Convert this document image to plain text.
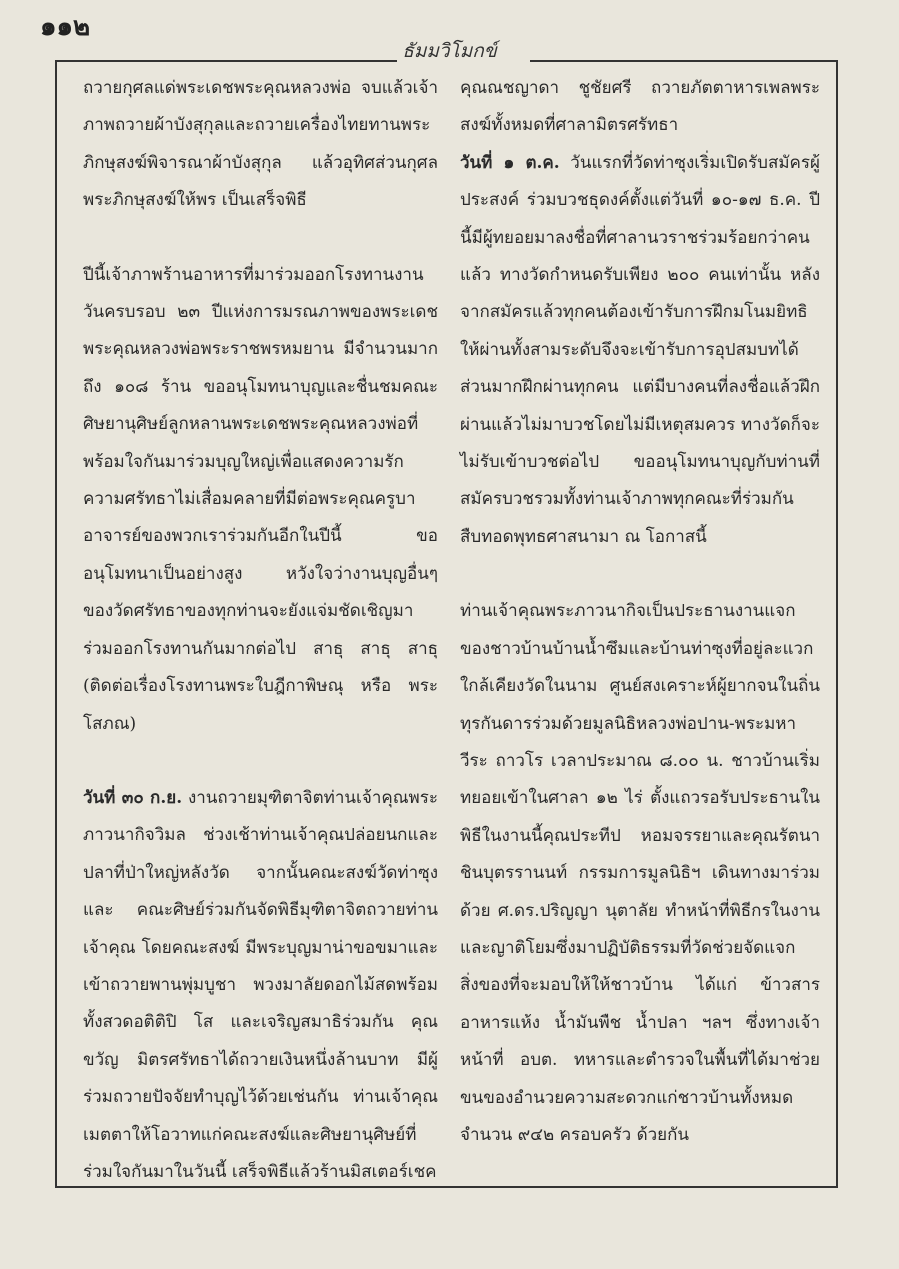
๑๑๒
ธัมมวิโมกข์

ถวายกุศลแด่พระเดชพระคุณหลวงพ่อ จบแล้วเจ้าภาพถวายผ้าบังสุกุลและถวายเครื่องไทยทานพระภิกษุสงฆ์พิจารณาผ้าบังสุกุล แล้วอุทิศส่วนกุศลพระภิกษุสงฆ์ให้พร เป็นเสร็จพิธี

ปีนี้เจ้าภาพร้านอาหารที่มาร่วมออกโรงทานงานวันครบรอบ ๒๓ ปีแห่งการมรณภาพของพระเดชพระคุณหลวงพ่อพระราชพรหมยาน มีจำนวนมากถึง ๑๐๘ ร้าน ขออนุโมทนาบุญและชื่นชมคณะศิษยานุศิษย์ลูกหลานพระเดชพระคุณหลวงพ่อที่พร้อมใจกันมาร่วมบุญใหญ่เพื่อแสดงความรักความศรัทธาไม่เสื่อมคลายที่มีต่อพระคุณครูบาอาจารย์ของพวกเราร่วมกันอีกในปีนี้ ขออนุโมทนาเป็นอย่างสูง หวังใจว่างานบุญอื่นๆ ของวัดศรัทธาของทุกท่านจะยังแจ่มชัดเชิญมาร่วมออกโรงทานกันมากต่อไป สาธุ สาธุ สาธุ (ติดต่อเรื่องโรงทานพระใบฎีกาพิษณุ หรือ พระโสภณ)

วันที่ ๓๐ ก.ย. งานถวายมุฑิตาจิตท่านเจ้าคุณพระภาวนากิจวิมล ช่วงเช้าท่านเจ้าคุณปล่อยนกและปลาที่ป่าใหญ่หลังวัด จากนั้นคณะสงฆ์วัดท่าซุงและ คณะศิษย์ร่วมกันจัดพิธีมุฑิตาจิตถวายท่านเจ้าคุณ โดยคณะสงฆ์ มีพระบุญมาน่าขอขมาและเข้าถวายพานพุ่มบูชา พวงมาลัยดอกไม้สดพร้อมทั้งสวดอติติปิ โส และเจริญสมาธิร่วมกัน คุณขวัญ มิตรศรัทธาได้ถวายเงินหนึ่งล้านบาท มีผู้ร่วมถวายปัจจัยทำบุญไว้ด้วยเช่นกัน ท่านเจ้าคุณเมตตาให้โอวาทแก่คณะสงฆ์และศิษยานุศิษย์ที่ร่วมใจกันมาในวันนี้ เสร็จพิธีแล้วร้านมิสเตอร์เชค

คุณณชญาดา ชูชัยศรี ถวายภัตตาหารเพลพระสงฆ์ทั้งหมดที่ศาลามิตรศรัทธา

วันที่ ๑ ต.ค. วันแรกที่วัดท่าซุงเริ่มเปิดรับสมัครผู้ประสงค์ ร่วมบวชธุดงค์ตั้งแต่วันที่ ๑๐-๑๗ ธ.ค. ปีนี้มีผู้ทยอยมาลงชื่อที่ศาลานวราชร่วมร้อยกว่าคนแล้ว ทางวัดกำหนดรับเพียง ๒๐๐ คนเท่านั้น หลังจากสมัครแล้วทุกคนต้องเข้ารับการฝึกมโนมยิทธิให้ผ่านทั้งสามระดับจึงจะเข้ารับการอุปสมบทได้ ส่วนมากฝึกผ่านทุกคน แต่มีบางคนที่ลงชื่อแล้วฝึกผ่านแล้วไม่มาบวชโดยไม่มีเหตุสมควร ทางวัดก็จะไม่รับเข้าบวชต่อไป ขออนุโมทนาบุญกับท่านที่สมัครบวชรวมทั้งท่านเจ้าภาพทุกคณะที่ร่วมกันสืบทอดพุทธศาสนามา ณ โอกาสนี้

ท่านเจ้าคุณพระภาวนากิจเป็นประธานงานแจกของชาวบ้านบ้านน้ำซึมและบ้านท่าซุงที่อยู่ละแวกใกล้เคียงวัดในนาม ศูนย์สงเคราะห์ผู้ยากจนในถิ่นทุรกันดารร่วมด้วยมูลนิธิหลวงพ่อปาน-พระมหาวีระ ถาวโร เวลาประมาณ ๘.๐๐ น. ชาวบ้านเริ่มทยอยเข้าในศาลา ๑๒ ไร่ ตั้งแถวรอรับประธานในพิธีในงานนี้คุณประทีป หอมจรรยาและคุณรัตนาชินบุตรรานนท์ กรรมการมูลนิธิฯ เดินทางมาร่วมด้วย ศ.ดร.ปริญญา นุตาลัย ทำหน้าที่พิธีกรในงานและญาติโยมซึ่งมาปฏิบัติธรรมที่วัดช่วยจัดแจกสิ่งของที่จะมอบให้ให้ชาวบ้าน ได้แก่ ข้าวสาร อาหารแห้ง น้ำมันพืช น้ำปลา ฯลฯ ซึ่งทางเจ้าหน้าที่ อบต. ทหารและตำรวจในพื้นที่ได้มาช่วยขนของอำนวยความสะดวกแก่ชาวบ้านทั้งหมดจำนวน ๙๔๒ ครอบครัว ด้วยกัน
